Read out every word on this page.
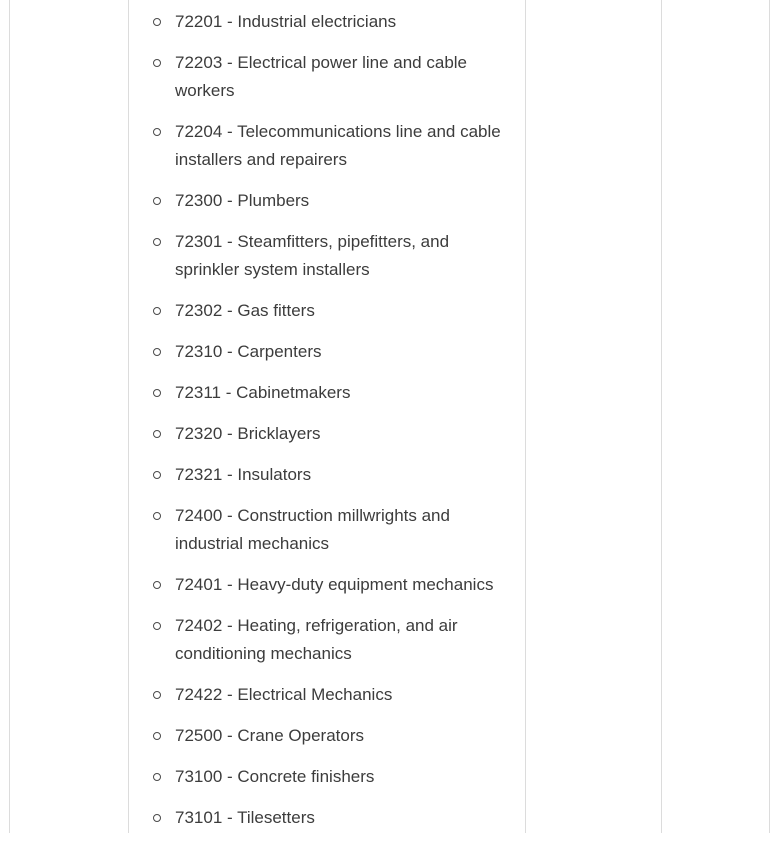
72201 - Industrial electricians
72203 - Electrical power line and cable workers
72204 - Telecommunications line and cable installers and repairers
72300 - Plumbers
72301 - Steamfitters, pipefitters, and sprinkler system installers
72302 - Gas fitters
72310 - Carpenters
72311 - Cabinetmakers
72320 - Bricklayers
72321 - Insulators
72400 - Construction millwrights and industrial mechanics
72401 - Heavy-duty equipment mechanics
72402 - Heating, refrigeration, and air conditioning mechanics
72422 - Electrical Mechanics
72500 - Crane Operators
73100 - Concrete finishers
73101 - Tilesetters
